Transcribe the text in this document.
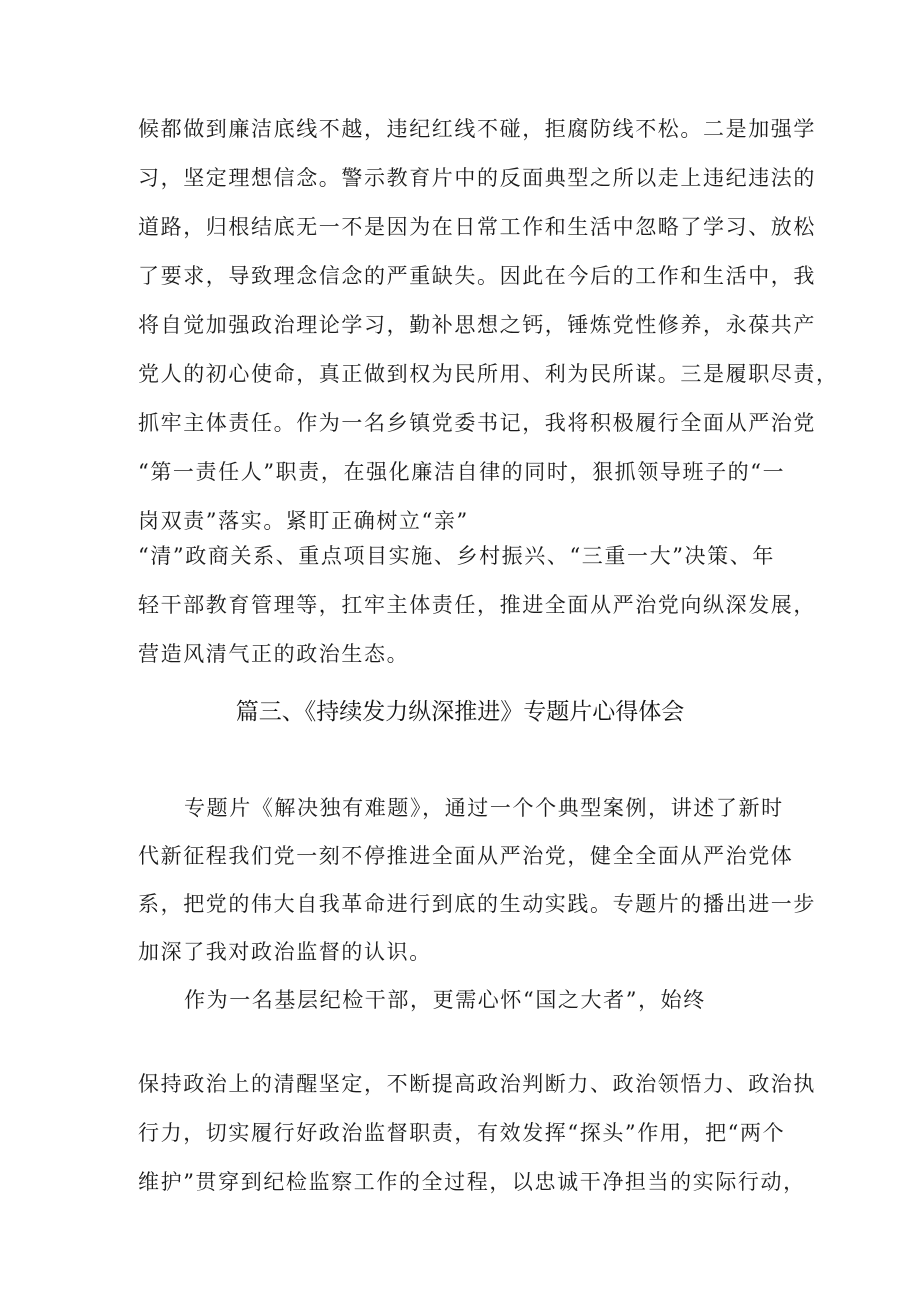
候都做到廉洁底线不越，违纪红线不碰，拒腐防线不松。二是加强学
习，坚定理想信念。警示教育片中的反面典型之所以走上违纪违法的
道路，归根结底无一不是因为在日常工作和生活中忽略了学习、放松
了要求，导致理念信念的严重缺失。因此在今后的工作和生活中，我
将自觉加强政治理论学习，勤补思想之钙，锤炼党性修养，永葆共产
党人的初心使命，真正做到权为民所用、利为民所谋。三是履职尽责，
抓牢主体责任。作为一名乡镇党委书记，我将积极履行全面从严治党
“第一责任人”职责，在强化廉洁自律的同时，狠抓领导班子的“一
岗双责”落实。紧盯正确树立“亲”
“清”政商关系、重点项目实施、乡村振兴、“三重一大”决策、年
轻干部教育管理等，扛牢主体责任，推进全面从严治党向纵深发展，
营造风清气正的政治生态。
篇三、《持续发力纵深推进》专题片心得体会
专题片《解决独有难题》，通过一个个典型案例，讲述了新时
代新征程我们党一刻不停推进全面从严治党，健全全面从严治党体
系，把党的伟大自我革命进行到底的生动实践。专题片的播出进一步
加深了我对政治监督的认识。
作为一名基层纪检干部，更需心怀“国之大者”，始终
保持政治上的清醒坚定，不断提高政治判断力、政治领悟力、政治执
行力，切实履行好政治监督职责，有效发挥“探头”作用，把“两个
维护”贯穿到纪检监察工作的全过程，以忠诚干净担当的实际行动，
